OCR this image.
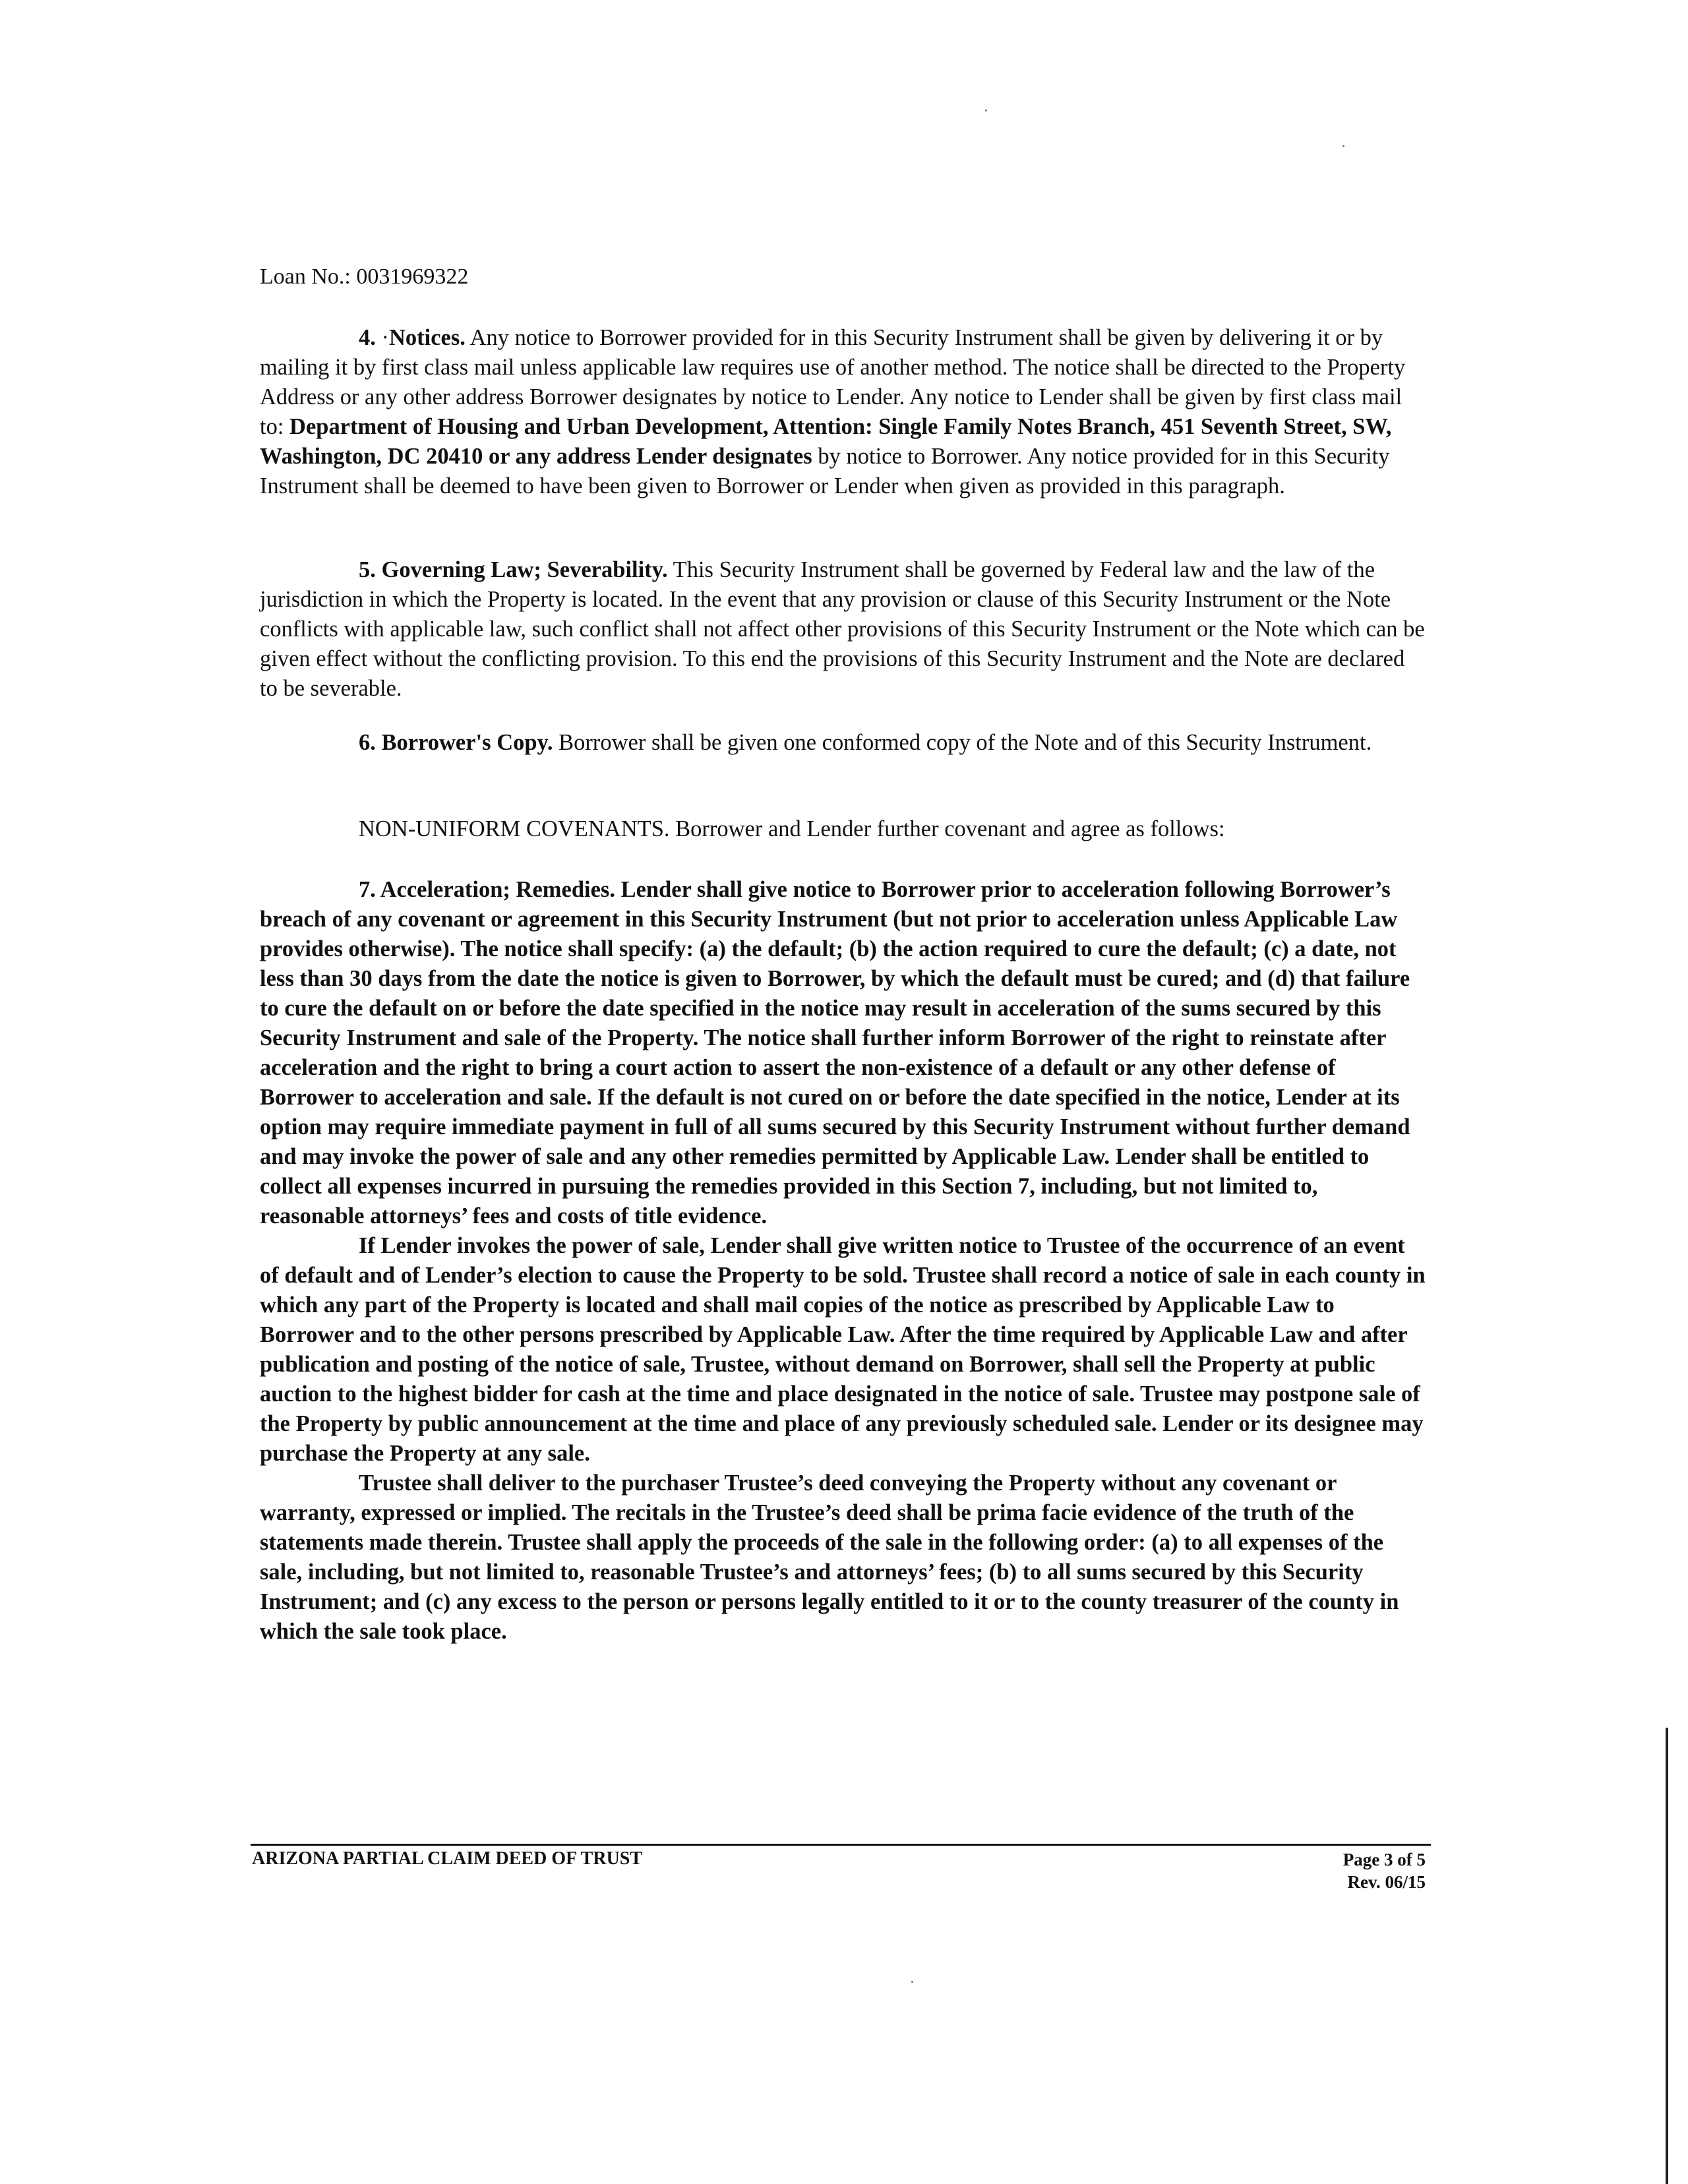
Loan No.: 0031969322

4. ·Notices. Any notice to Borrower provided for in this Security Instrument shall be given by delivering it or by mailing it by first class mail unless applicable law requires use of another method. The notice shall be directed to the Property Address or any other address Borrower designates by notice to Lender. Any notice to Lender shall be given by first class mail to: Department of Housing and Urban Development, Attention: Single Family Notes Branch, 451 Seventh Street, SW, Washington, DC 20410 or any address Lender designates by notice to Borrower. Any notice provided for in this Security Instrument shall be deemed to have been given to Borrower or Lender when given as provided in this paragraph.

5. Governing Law; Severability. This Security Instrument shall be governed by Federal law and the law of the jurisdiction in which the Property is located. In the event that any provision or clause of this Security Instrument or the Note conflicts with applicable law, such conflict shall not affect other provisions of this Security Instrument or the Note which can be given effect without the conflicting provision. To this end the provisions of this Security Instrument and the Note are declared to be severable.

6. Borrower's Copy. Borrower shall be given one conformed copy of the Note and of this Security Instrument.

NON-UNIFORM COVENANTS. Borrower and Lender further covenant and agree as follows:

7. Acceleration; Remedies. Lender shall give notice to Borrower prior to acceleration following Borrower’s breach of any covenant or agreement in this Security Instrument (but not prior to acceleration unless Applicable Law provides otherwise). The notice shall specify: (a) the default; (b) the action required to cure the default; (c) a date, not less than 30 days from the date the notice is given to Borrower, by which the default must be cured; and (d) that failure to cure the default on or before the date specified in the notice may result in acceleration of the sums secured by this Security Instrument and sale of the Property. The notice shall further inform Borrower of the right to reinstate after acceleration and the right to bring a court action to assert the non-existence of a default or any other defense of Borrower to acceleration and sale. If the default is not cured on or before the date specified in the notice, Lender at its option may require immediate payment in full of all sums secured by this Security Instrument without further demand and may invoke the power of sale and any other remedies permitted by Applicable Law. Lender shall be entitled to collect all expenses incurred in pursuing the remedies provided in this Section 7, including, but not limited to, reasonable attorneys’ fees and costs of title evidence.

If Lender invokes the power of sale, Lender shall give written notice to Trustee of the occurrence of an event of default and of Lender’s election to cause the Property to be sold. Trustee shall record a notice of sale in each county in which any part of the Property is located and shall mail copies of the notice as prescribed by Applicable Law to Borrower and to the other persons prescribed by Applicable Law. After the time required by Applicable Law and after publication and posting of the notice of sale, Trustee, without demand on Borrower, shall sell the Property at public auction to the highest bidder for cash at the time and place designated in the notice of sale. Trustee may postpone sale of the Property by public announcement at the time and place of any previously scheduled sale. Lender or its designee may purchase the Property at any sale.

Trustee shall deliver to the purchaser Trustee’s deed conveying the Property without any covenant or warranty, expressed or implied. The recitals in the Trustee’s deed shall be prima facie evidence of the truth of the statements made therein. Trustee shall apply the proceeds of the sale in the following order: (a) to all expenses of the sale, including, but not limited to, reasonable Trustee’s and attorneys’ fees; (b) to all sums secured by this Security Instrument; and (c) any excess to the person or persons legally entitled to it or to the county treasurer of the county in which the sale took place.

ARIZONA PARTIAL CLAIM DEED OF TRUST	Page 3 of 5
Rev. 06/15
